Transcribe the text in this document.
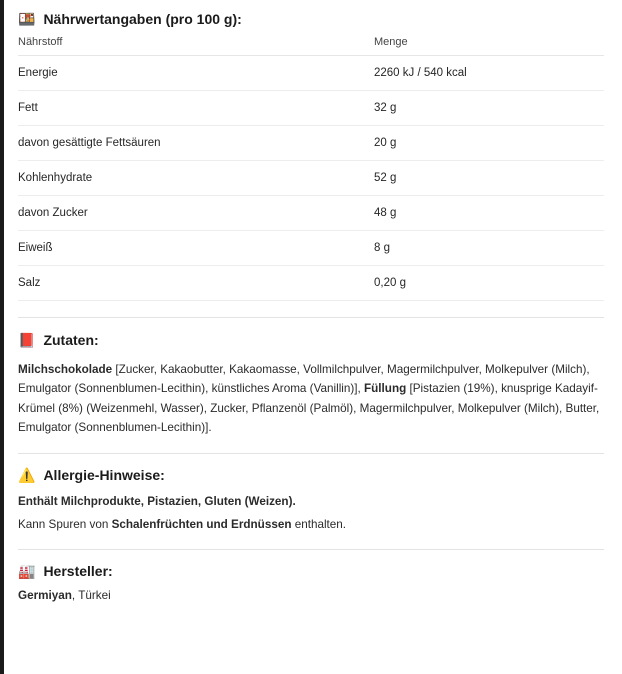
🍱 Nährwertangaben (pro 100 g):
Nährstoff	Menge
Energie	2260 kJ / 540 kcal
Fett	32 g
davon gesättigte Fettsäuren	20 g
Kohlenhydrate	52 g
davon Zucker	48 g
Eiweiß	8 g
Salz	0,20 g
📕 Zutaten:

Milchschokolade [Zucker, Kakaobutter, Kakaomasse, Vollmilchpulver, Magermilchpulver, Molkepulver (Milch), Emulgator (Sonnenblumen-Lecithin), künstliches Aroma (Vanillin)], Füllung [Pistazien (19%), knusprige Kadayif-Krümel (8%) (Weizenmehl, Wasser), Zucker, Pflanzenöl (Palmöl), Magermilchpulver, Molkepulver (Milch), Butter, Emulgator (Sonnenblumen-Lecithin)].

⚠️ Allergie-Hinweise:

Enthält Milchprodukte, Pistazien, Gluten (Weizen).

Kann Spuren von Schalenfrüchten und Erdnüssen enthalten.

🏭 Hersteller:

Germiyan, Türkei
